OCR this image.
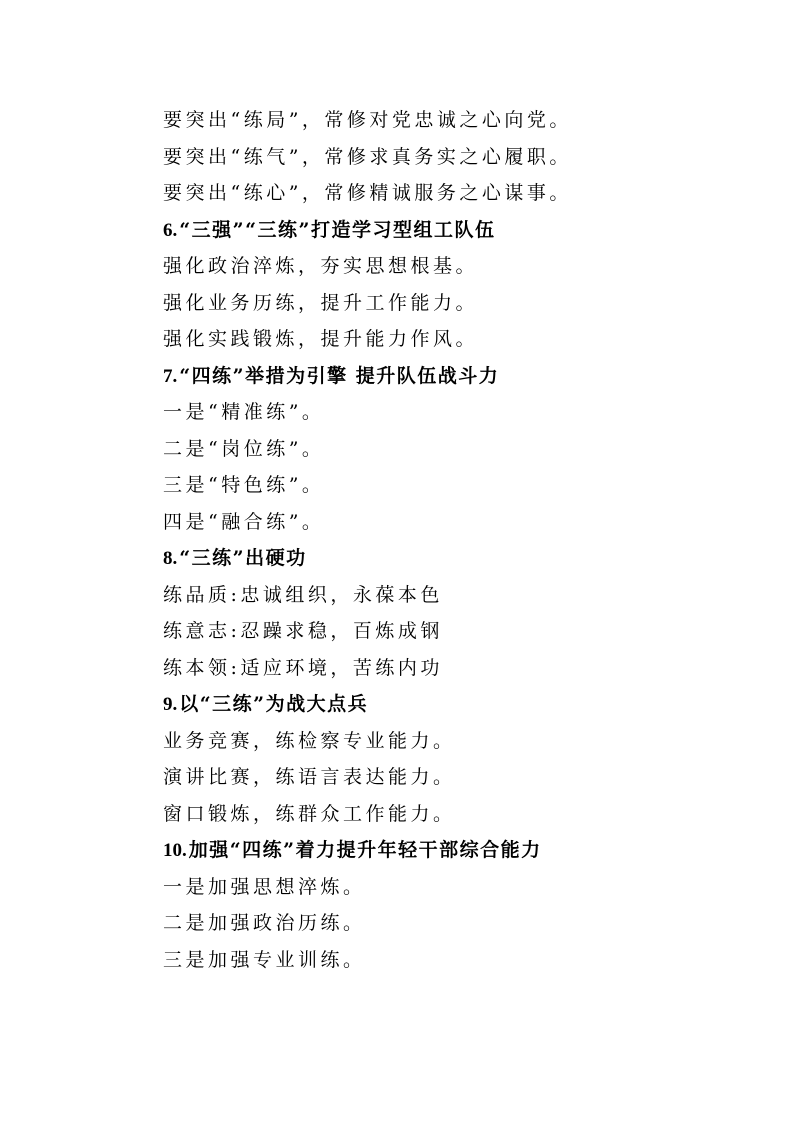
要突出“练局”，常修对党忠诚之心向党。
要突出“练气”，常修求真务实之心履职。
要突出“练心”，常修精诚服务之心谋事。
6. “三强”“三练”打造学习型组工队伍
强化政治淬炼，夯实思想根基。
强化业务历练，提升工作能力。
强化实践锻炼，提升能力作风。
7. “四练”举措为引擎 提升队伍战斗力
一是“精准练”。
二是“岗位练”。
三是“特色练”。
四是“融合练”。
8. “三练”出硬功
练品质:忠诚组织，永葆本色
练意志:忍躁求稳，百炼成钢
练本领:适应环境，苦练内功
9. 以“三练”为战大点兵
业务竞赛，练检察专业能力。
演讲比赛，练语言表达能力。
窗口锻炼，练群众工作能力。
10. 加强“四练”着力提升年轻干部综合能力
一是加强思想淬炼。
二是加强政治历练。
三是加强专业训练。
